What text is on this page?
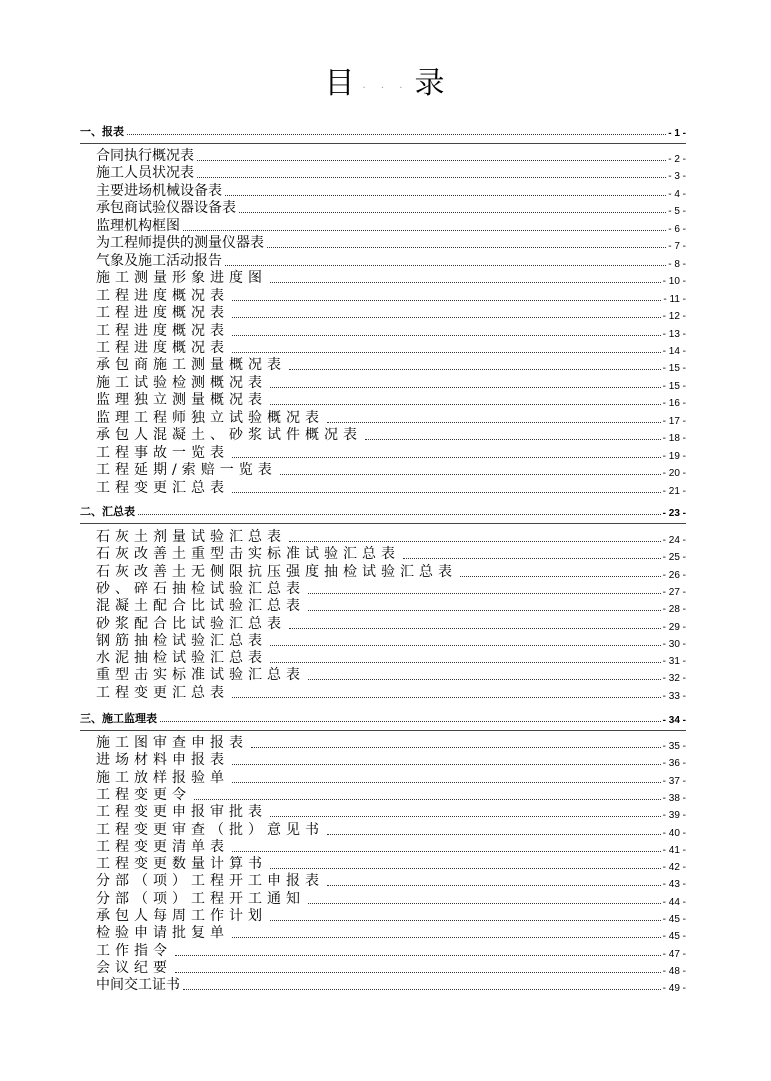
目 . . . 录
一、报表	- 1 -
合同执行概况表	- 2 -
施工人员状况表	- 3 -
主要进场机械设备表	- 4 -
承包商试验仪器设备表	- 5 -
监理机构框图	- 6 -
为工程师提供的测量仪器表	- 7 -
气象及施工活动报告	- 8 -
施工测量形象进度图	- 10 -
工程进度概况表	- 11 -
工程进度概况表	- 12 -
工程进度概况表	- 13 -
工程进度概况表	- 14 -
承包商施工测量概况表	- 15 -
施工试验检测概况表	- 15 -
监理独立测量概况表	- 16 -
监理工程师独立试验概况表	- 17 -
承包人混凝土、砂浆试件概况表	- 18 -
工程事故一览表	- 19 -
工程延期/索赔一览表	- 20 -
工程变更汇总表	- 21 -
二、汇总表	- 23 -
石灰土剂量试验汇总表	- 24 -
石灰改善土重型击实标准试验汇总表	- 25 -
石灰改善土无侧限抗压强度抽检试验汇总表	- 26 -
砂、碎石抽检试验汇总表	- 27 -
混凝土配合比试验汇总表	- 28 -
砂浆配合比试验汇总表	- 29 -
钢筋抽检试验汇总表	- 30 -
水泥抽检试验汇总表	- 31 -
重型击实标准试验汇总表	- 32 -
工程变更汇总表	- 33 -
三、施工监理表	- 34 -
施工图审查申报表	- 35 -
进场材料申报表	- 36 -
施工放样报验单	- 37 -
工程变更令	- 38 -
工程变更申报审批表	- 39 -
工程变更审查（批）意见书	- 40 -
工程变更清单表	- 41 -
工程变更数量计算书	- 42 -
分部（项）工程开工申报表	- 43 -
分部（项）工程开工通知	- 44 -
承包人每周工作计划	- 45 -
检验申请批复单	- 45 -
工作指令	- 47 -
会议纪要	- 48 -
中间交工证书	- 49 -
